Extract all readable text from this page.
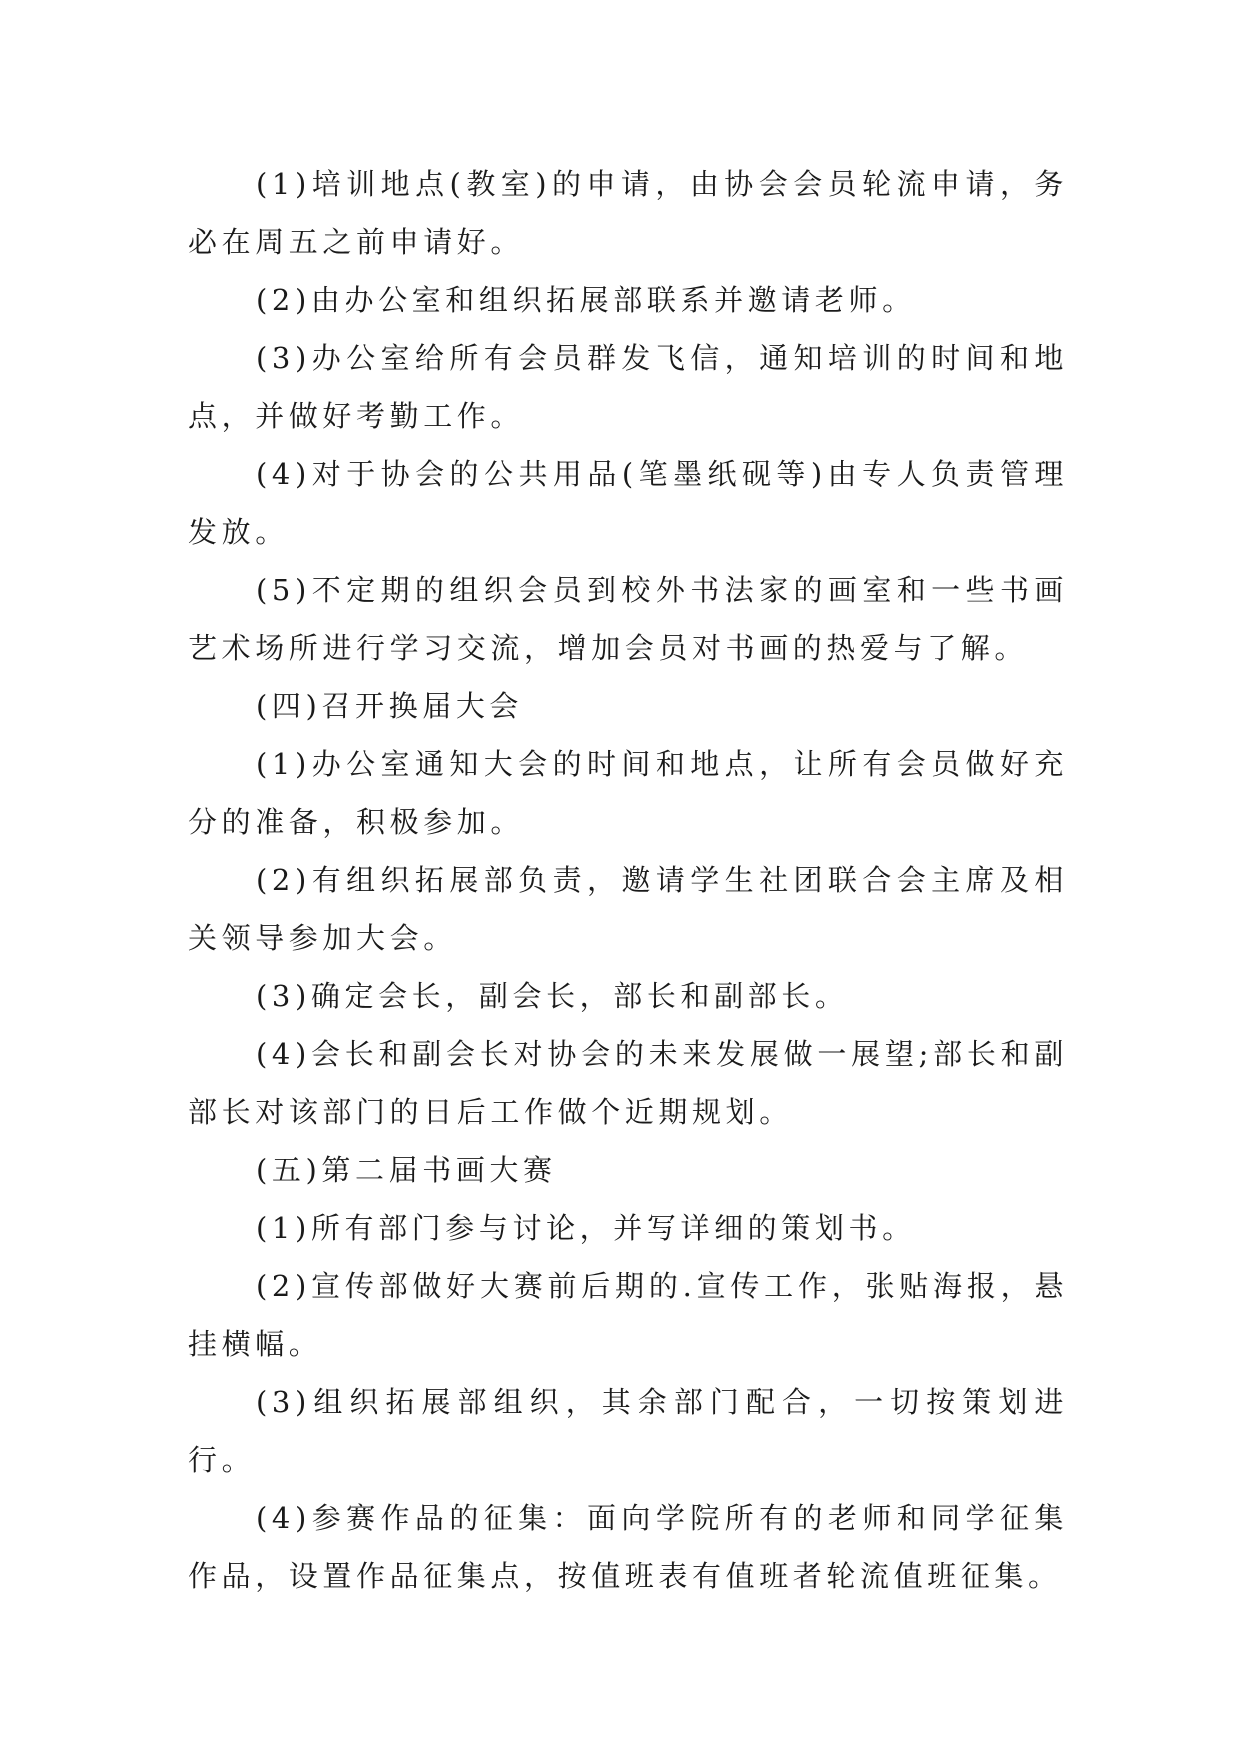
(1)培训地点(教室)的申请，由协会会员轮流申请，务必在周五之前申请好。

(2)由办公室和组织拓展部联系并邀请老师。

(3)办公室给所有会员群发飞信，通知培训的时间和地点，并做好考勤工作。

(4)对于协会的公共用品(笔墨纸砚等)由专人负责管理发放。

(5)不定期的组织会员到校外书法家的画室和一些书画艺术场所进行学习交流，增加会员对书画的热爱与了解。

(四)召开换届大会

(1)办公室通知大会的时间和地点，让所有会员做好充分的准备，积极参加。

(2)有组织拓展部负责，邀请学生社团联合会主席及相关领导参加大会。

(3)确定会长，副会长，部长和副部长。

(4)会长和副会长对协会的未来发展做一展望;部长和副部长对该部门的日后工作做个近期规划。

(五)第二届书画大赛

(1)所有部门参与讨论，并写详细的策划书。

(2)宣传部做好大赛前后期的.宣传工作，张贴海报，悬挂横幅。

(3)组织拓展部组织，其余部门配合，一切按策划进行。

(4)参赛作品的征集：面向学院所有的老师和同学征集作品，设置作品征集点，按值班表有值班者轮流值班征集。
